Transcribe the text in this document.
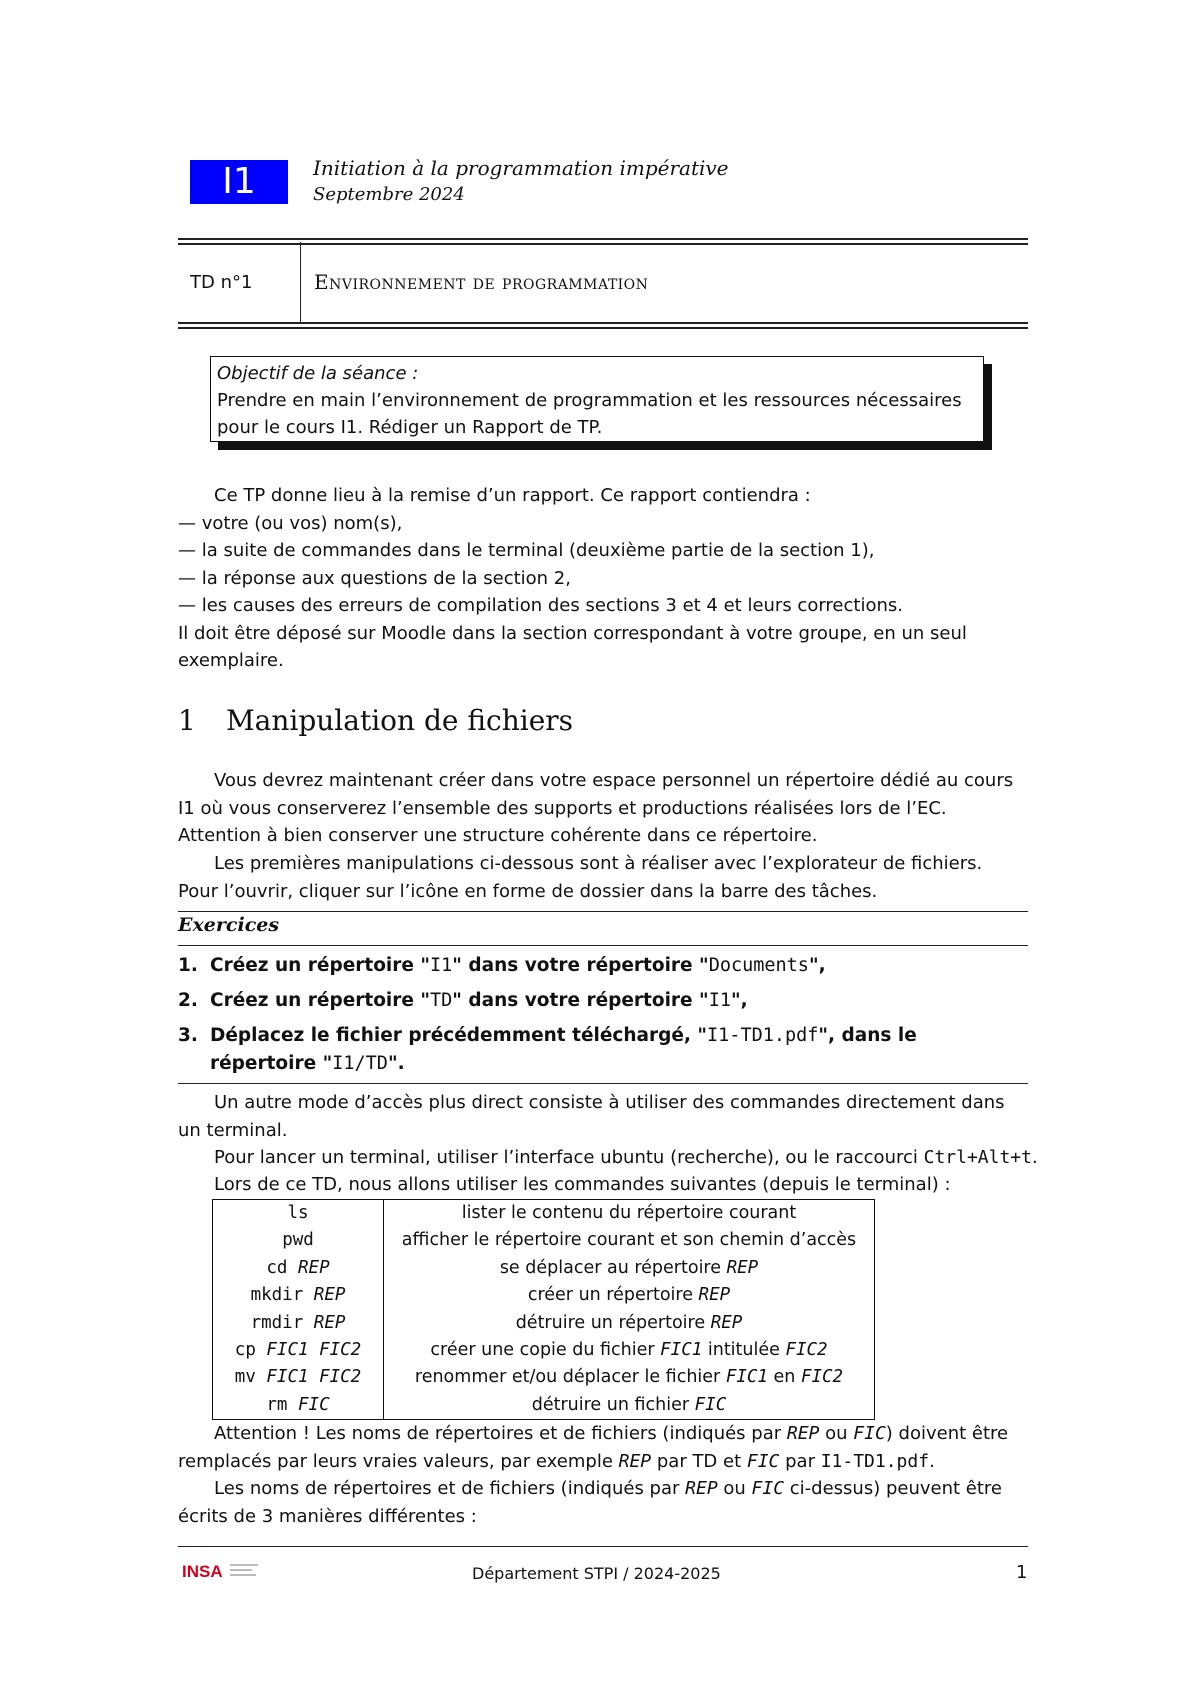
I1	Initiation à la programmation impérative
Septembre 2024
TD n°1	Environnement de programmation
Objectif de la séance :
Prendre en main l’environnement de programmation et les ressources nécessaires
pour le cours I1. Rédiger un Rapport de TP.
Ce TP donne lieu à la remise d’un rapport. Ce rapport contiendra :
— votre (ou vos) nom(s),
— la suite de commandes dans le terminal (deuxième partie de la section 1),
— la réponse aux questions de la section 2,
— les causes des erreurs de compilation des sections 3 et 4 et leurs corrections.
Il doit être déposé sur Moodle dans la section correspondant à votre groupe, en un seul exemplaire.
1 Manipulation de fichiers
Vous devrez maintenant créer dans votre espace personnel un répertoire dédié au cours I1 où vous conserverez l’ensemble des supports et productions réalisées lors de l’EC. Attention à bien conserver une structure cohérente dans ce répertoire.
Les premières manipulations ci-dessous sont à réaliser avec l’explorateur de fichiers. Pour l’ouvrir, cliquer sur l’icône en forme de dossier dans la barre des tâches.
Exercices
1. Créez un répertoire "I1" dans votre répertoire "Documents",
2. Créez un répertoire "TD" dans votre répertoire "I1",
3. Déplacez le fichier précédemment téléchargé, "I1-TD1.pdf", dans le répertoire "I1/TD".
Un autre mode d’accès plus direct consiste à utiliser des commandes directement dans un terminal.
Pour lancer un terminal, utiliser l’interface ubuntu (recherche), ou le raccourci Ctrl+Alt+t.
Lors de ce TD, nous allons utiliser les commandes suivantes (depuis le terminal) :
ls	lister le contenu du répertoire courant
pwd	afficher le répertoire courant et son chemin d’accès
cd REP	se déplacer au répertoire REP
mkdir REP	créer un répertoire REP
rmdir REP	détruire un répertoire REP
cp FIC1 FIC2	créer une copie du fichier FIC1 intitulée FIC2
mv FIC1 FIC2	renommer et/ou déplacer le fichier FIC1 en FIC2
rm FIC	détruire un fichier FIC
Attention ! Les noms de répertoires et de fichiers (indiqués par REP ou FIC) doivent être remplacés par leurs vraies valeurs, par exemple REP par TD et FIC par I1-TD1.pdf.
Les noms de répertoires et de fichiers (indiqués par REP ou FIC ci-dessus) peuvent être écrits de 3 manières différentes :
INSA	Département STPI / 2024-2025	1
